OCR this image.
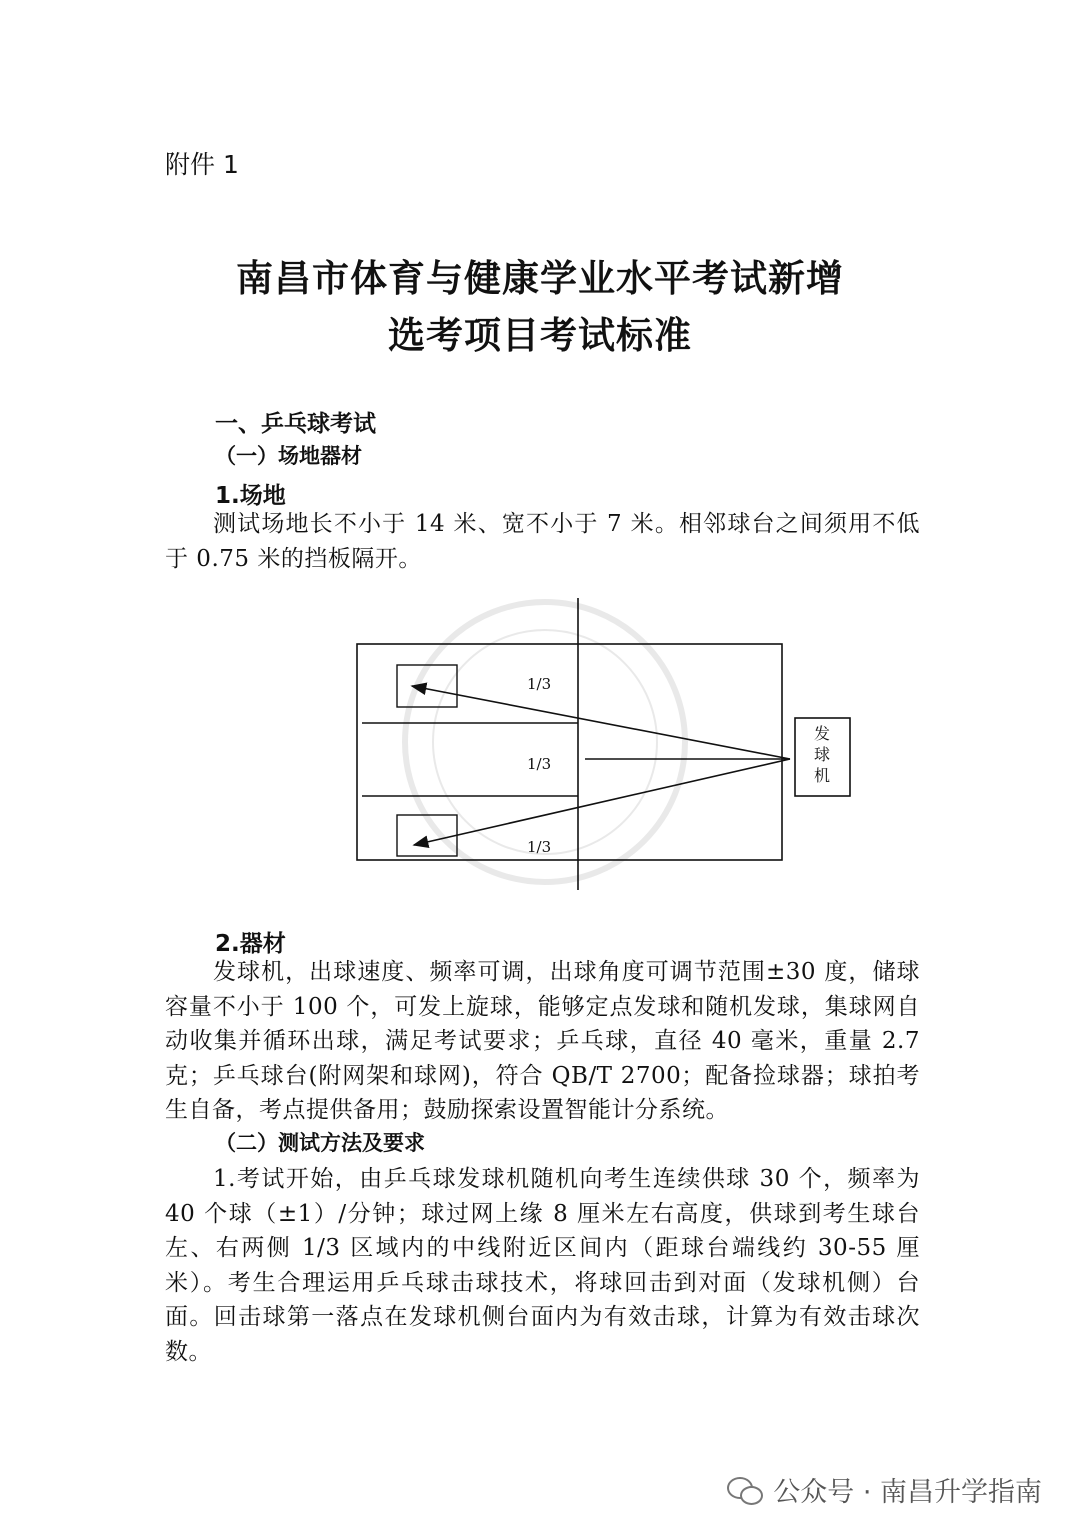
附件 1
南昌市体育与健康学业水平考试新增
选考项目考试标准
一、乒乓球考试
（一）场地器材
1.场地

测试场地长不小于 14 米、宽不小于 7 米。相邻球台之间须用不低于 0.75 米的挡板隔开。

1/3
1/3
1/3
发
球
机
2.器材

发球机，出球速度、频率可调，出球角度可调节范围±30 度，储球容量不小于 100 个，可发上旋球，能够定点发球和随机发球，集球网自动收集并循环出球，满足考试要求；乒乓球，直径 40 毫米，重量 2.7 克；乒乓球台(附网架和球网)，符合 QB/T 2700；配备捡球器；球拍考生自备，考点提供备用；鼓励探索设置智能计分系统。

（二）测试方法及要求

1.考试开始，由乒乓球发球机随机向考生连续供球 30 个，频率为 40 个球（±1）/分钟；球过网上缘 8 厘米左右高度，供球到考生球台左、右两侧 1/3 区域内的中线附近区间内（距球台端线约 30-55 厘米）。考生合理运用乒乓球击球技术，将球回击到对面（发球机侧）台面。回击球第一落点在发球机侧台面内为有效击球，计算为有效击球次数。

公众号 · 南昌升学指南
